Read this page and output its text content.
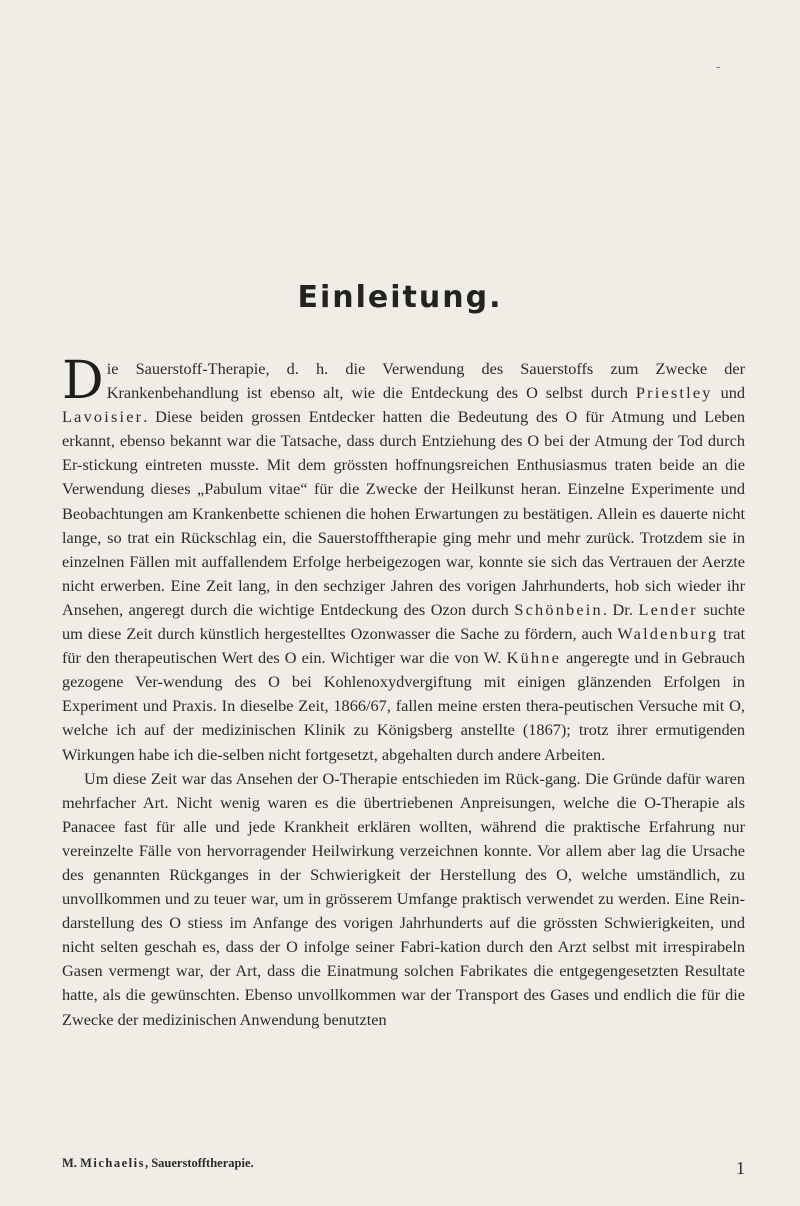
-
Einleitung.

Die Sauerstoff-Therapie, d. h. die Verwendung des Sauerstoffs zum Zwecke der Krankenbehandlung ist ebenso alt, wie die Entdeckung des O selbst durch Priestley und Lavoisier. Diese beiden grossen Entdecker hatten die Bedeutung des O für Atmung und Leben erkannt, ebenso bekannt war die Tatsache, dass durch Entziehung des O bei der Atmung der Tod durch Er-stickung eintreten musste. Mit dem grössten hoffnungsreichen Enthusiasmus traten beide an die Verwendung dieses „Pabulum vitae“ für die Zwecke der Heilkunst heran. Einzelne Experimente und Beobachtungen am Krankenbette schienen die hohen Erwartungen zu bestätigen. Allein es dauerte nicht lange, so trat ein Rückschlag ein, die Sauerstofftherapie ging mehr und mehr zurück. Trotzdem sie in einzelnen Fällen mit auffallendem Erfolge herbeigezogen war, konnte sie sich das Vertrauen der Aerzte nicht erwerben. Eine Zeit lang, in den sechziger Jahren des vorigen Jahrhunderts, hob sich wieder ihr Ansehen, angeregt durch die wichtige Entdeckung des Ozon durch Schönbein. Dr. Lender suchte um diese Zeit durch künstlich hergestelltes Ozonwasser die Sache zu fördern, auch Waldenburg trat für den therapeutischen Wert des O ein. Wichtiger war die von W. Kühne angeregte und in Gebrauch gezogene Ver-wendung des O bei Kohlenoxydvergiftung mit einigen glänzenden Erfolgen in Experiment und Praxis. In dieselbe Zeit, 1866/67, fallen meine ersten thera-peutischen Versuche mit O, welche ich auf der medizinischen Klinik zu Königsberg anstellte (1867); trotz ihrer ermutigenden Wirkungen habe ich die-selben nicht fortgesetzt, abgehalten durch andere Arbeiten.

Um diese Zeit war das Ansehen der O-Therapie entschieden im Rück-gang. Die Gründe dafür waren mehrfacher Art. Nicht wenig waren es die übertriebenen Anpreisungen, welche die O-Therapie als Panacee fast für alle und jede Krankheit erklären wollten, während die praktische Erfahrung nur vereinzelte Fälle von hervorragender Heilwirkung verzeichnen konnte. Vor allem aber lag die Ursache des genannten Rückganges in der Schwierigkeit der Herstellung des O, welche umständlich, zu unvollkommen und zu teuer war, um in grösserem Umfange praktisch verwendet zu werden. Eine Rein-darstellung des O stiess im Anfange des vorigen Jahrhunderts auf die grössten Schwierigkeiten, und nicht selten geschah es, dass der O infolge seiner Fabri-kation durch den Arzt selbst mit irrespirabeln Gasen vermengt war, der Art, dass die Einatmung solchen Fabrikates die entgegengesetzten Resultate hatte, als die gewünschten. Ebenso unvollkommen war der Transport des Gases und endlich die für die Zwecke der medizinischen Anwendung benutzten

M. Michaelis, Sauerstofftherapie.	1
